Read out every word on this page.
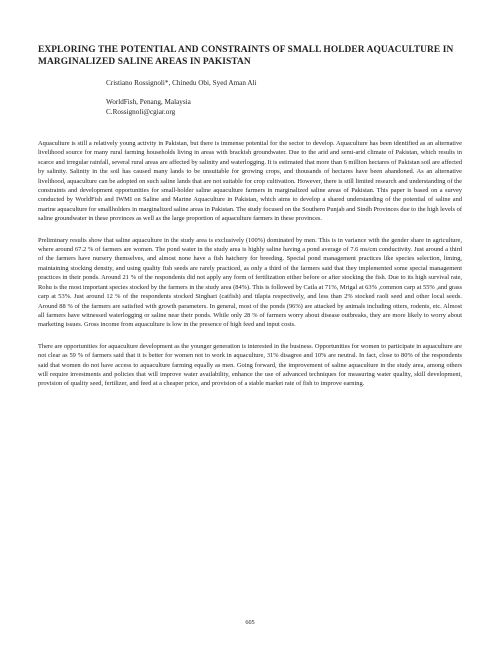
EXPLORING THE POTENTIAL AND CONSTRAINTS OF SMALL HOLDER AQUACULTURE IN MARGINALIZED SALINE AREAS IN PAKISTAN
Cristiano Rossignoli*, Chinedu Obi, Syed Aman Ali
WorldFish, Penang, Malaysia
C.Rossignoli@cgiar.org

Aquaculture is still a relatively young activity in Pakistan, but there is immense potential for the sector to develop. Aquaculture has been identified as an alternative livelihood source for many rural farming households living in areas with brackish groundwater. Due to the arid and semi-arid climate of Pakistan, which results in scarce and irregular rainfall, several rural areas are affected by salinity and waterlogging. It is estimated that more than 6 million hectares of Pakistan soil are affected by salinity. Salinity in the soil has caused many lands to be unsuitable for growing crops, and thousands of hectares have been abandoned. As an alternative livelihood, aquaculture can be adopted on such saline lands that are not suitable for crop cultivation. However, there is still limited research and understanding of the constraints and development opportunities for small-holder saline aquaculture farmers in marginalized saline areas of Pakistan. This paper is based on a survey conducted by WorldFish and IWMI on Saline and Marine Aquaculture in Pakistan, which aims to develop a shared understanding of the potential of saline and marine aquaculture for smallholders in marginalized saline areas in Pakistan. The study focused on the Southern Punjab and Sindh Provinces due to the high levels of saline groundwater in these provinces as well as the large proportion of aquaculture farmers in these provinces.

Preliminary results show that saline aquaculture in the study area is exclusively (100%) dominated by men. This is in variance with the gender share in agriculture, where around 67.2 % of farmers are women. The pond water in the study area is highly saline having a pond average of 7.6 ms/cm conductivity. Just around a third of the farmers have nursery themselves, and almost none have a fish hatchery for breeding. Special pond management practices like species selection, liming, maintaining stocking density, and using quality fish seeds are rarely practiced, as only a third of the farmers said that they implemented some special management practices in their ponds. Around 21 % of the respondents did not apply any form of fertilization either before or after stocking the fish. Due to its high survival rate, Rohu is the most important species stocked by the farmers in the study area (84%). This is followed by Catla at 71%, Mrigal at 63% ,common carp at 55% ,and grass carp at 53%. Just around 12 % of the respondents stocked Singhari (catfish) and tilapia respectively, and less than 2% stocked raoli seed and other local seeds. Around 88 % of the farmers are satisfied with growth parameters. In general, most of the ponds (96%) are attacked by animals including otters, rodents, etc. Almost all farmers have witnessed waterlogging or saline near their ponds. While only 28 % of farmers worry about disease outbreaks, they are more likely to worry about marketing issues. Gross income from aquaculture is low in the presence of high feed and input costs.

There are opportunities for aquaculture development as the younger generation is interested in the business. Opportunities for women to participate in aquaculture are not clear as 59 % of farmers said that it is better for women not to work in aquaculture, 31% disagree and 10% are neutral. In fact, close to 80% of the respondents said that women do not have access to aquaculture farming equally as men. Going forward, the improvement of saline aquaculture in the study area, among others will require investments and policies that will improve water availability, enhance the use of advanced techniques for measuring water quality, skill development, provision of quality seed, fertilizer, and feed at a cheaper price, and provision of a stable market rate of fish to improve earning.

605
